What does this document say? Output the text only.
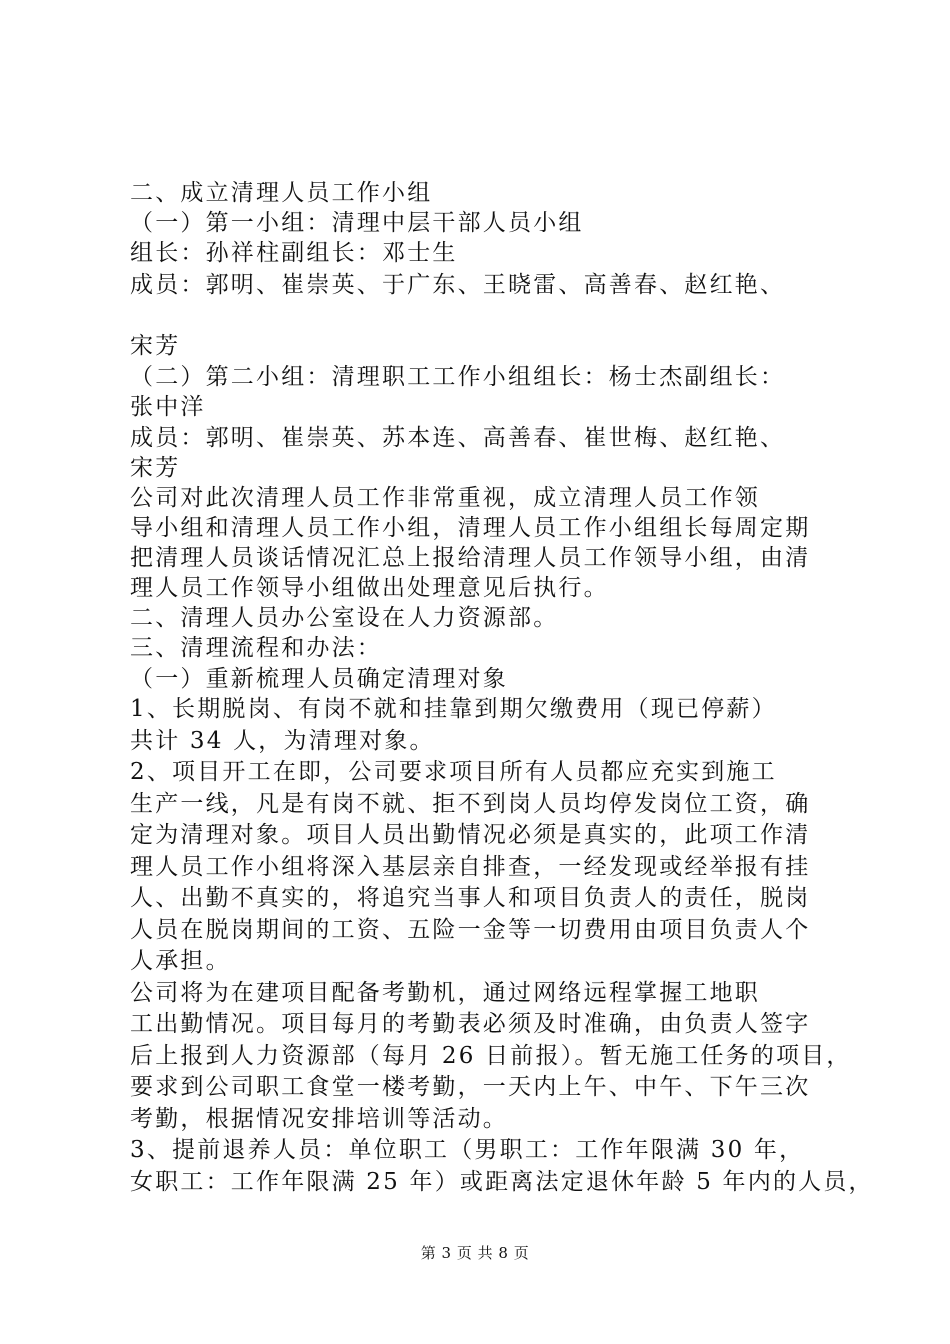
二、成立清理人员工作小组
（一）第一小组：清理中层干部人员小组
组长：孙祥柱副组长：邓士生
成员：郭明、崔崇英、于广东、王晓雷、高善春、赵红艳、
宋芳
（二）第二小组：清理职工工作小组组长：杨士杰副组长：
张中洋
成员：郭明、崔崇英、苏本连、高善春、崔世梅、赵红艳、
宋芳
公司对此次清理人员工作非常重视，成立清理人员工作领
导小组和清理人员工作小组，清理人员工作小组组长每周定期
把清理人员谈话情况汇总上报给清理人员工作领导小组，由清
理人员工作领导小组做出处理意见后执行。
二、清理人员办公室设在人力资源部。
三、清理流程和办法：
（一）重新梳理人员确定清理对象
1、长期脱岗、有岗不就和挂靠到期欠缴费用（现已停薪）
共计 34 人，为清理对象。
2、项目开工在即，公司要求项目所有人员都应充实到施工
生产一线，凡是有岗不就、拒不到岗人员均停发岗位工资，确
定为清理对象。项目人员出勤情况必须是真实的，此项工作清
理人员工作小组将深入基层亲自排查，一经发现或经举报有挂
人、出勤不真实的，将追究当事人和项目负责人的责任，脱岗
人员在脱岗期间的工资、五险一金等一切费用由项目负责人个
人承担。
公司将为在建项目配备考勤机，通过网络远程掌握工地职
工出勤情况。项目每月的考勤表必须及时准确，由负责人签字
后上报到人力资源部（每月 26 日前报）。暂无施工任务的项目，
要求到公司职工食堂一楼考勤，一天内上午、中午、下午三次
考勤，根据情况安排培训等活动。
3、提前退养人员：单位职工（男职工：工作年限满 30 年，
女职工：工作年限满 25 年）或距离法定退休年龄 5 年内的人员，
第 3 页 共 8 页
